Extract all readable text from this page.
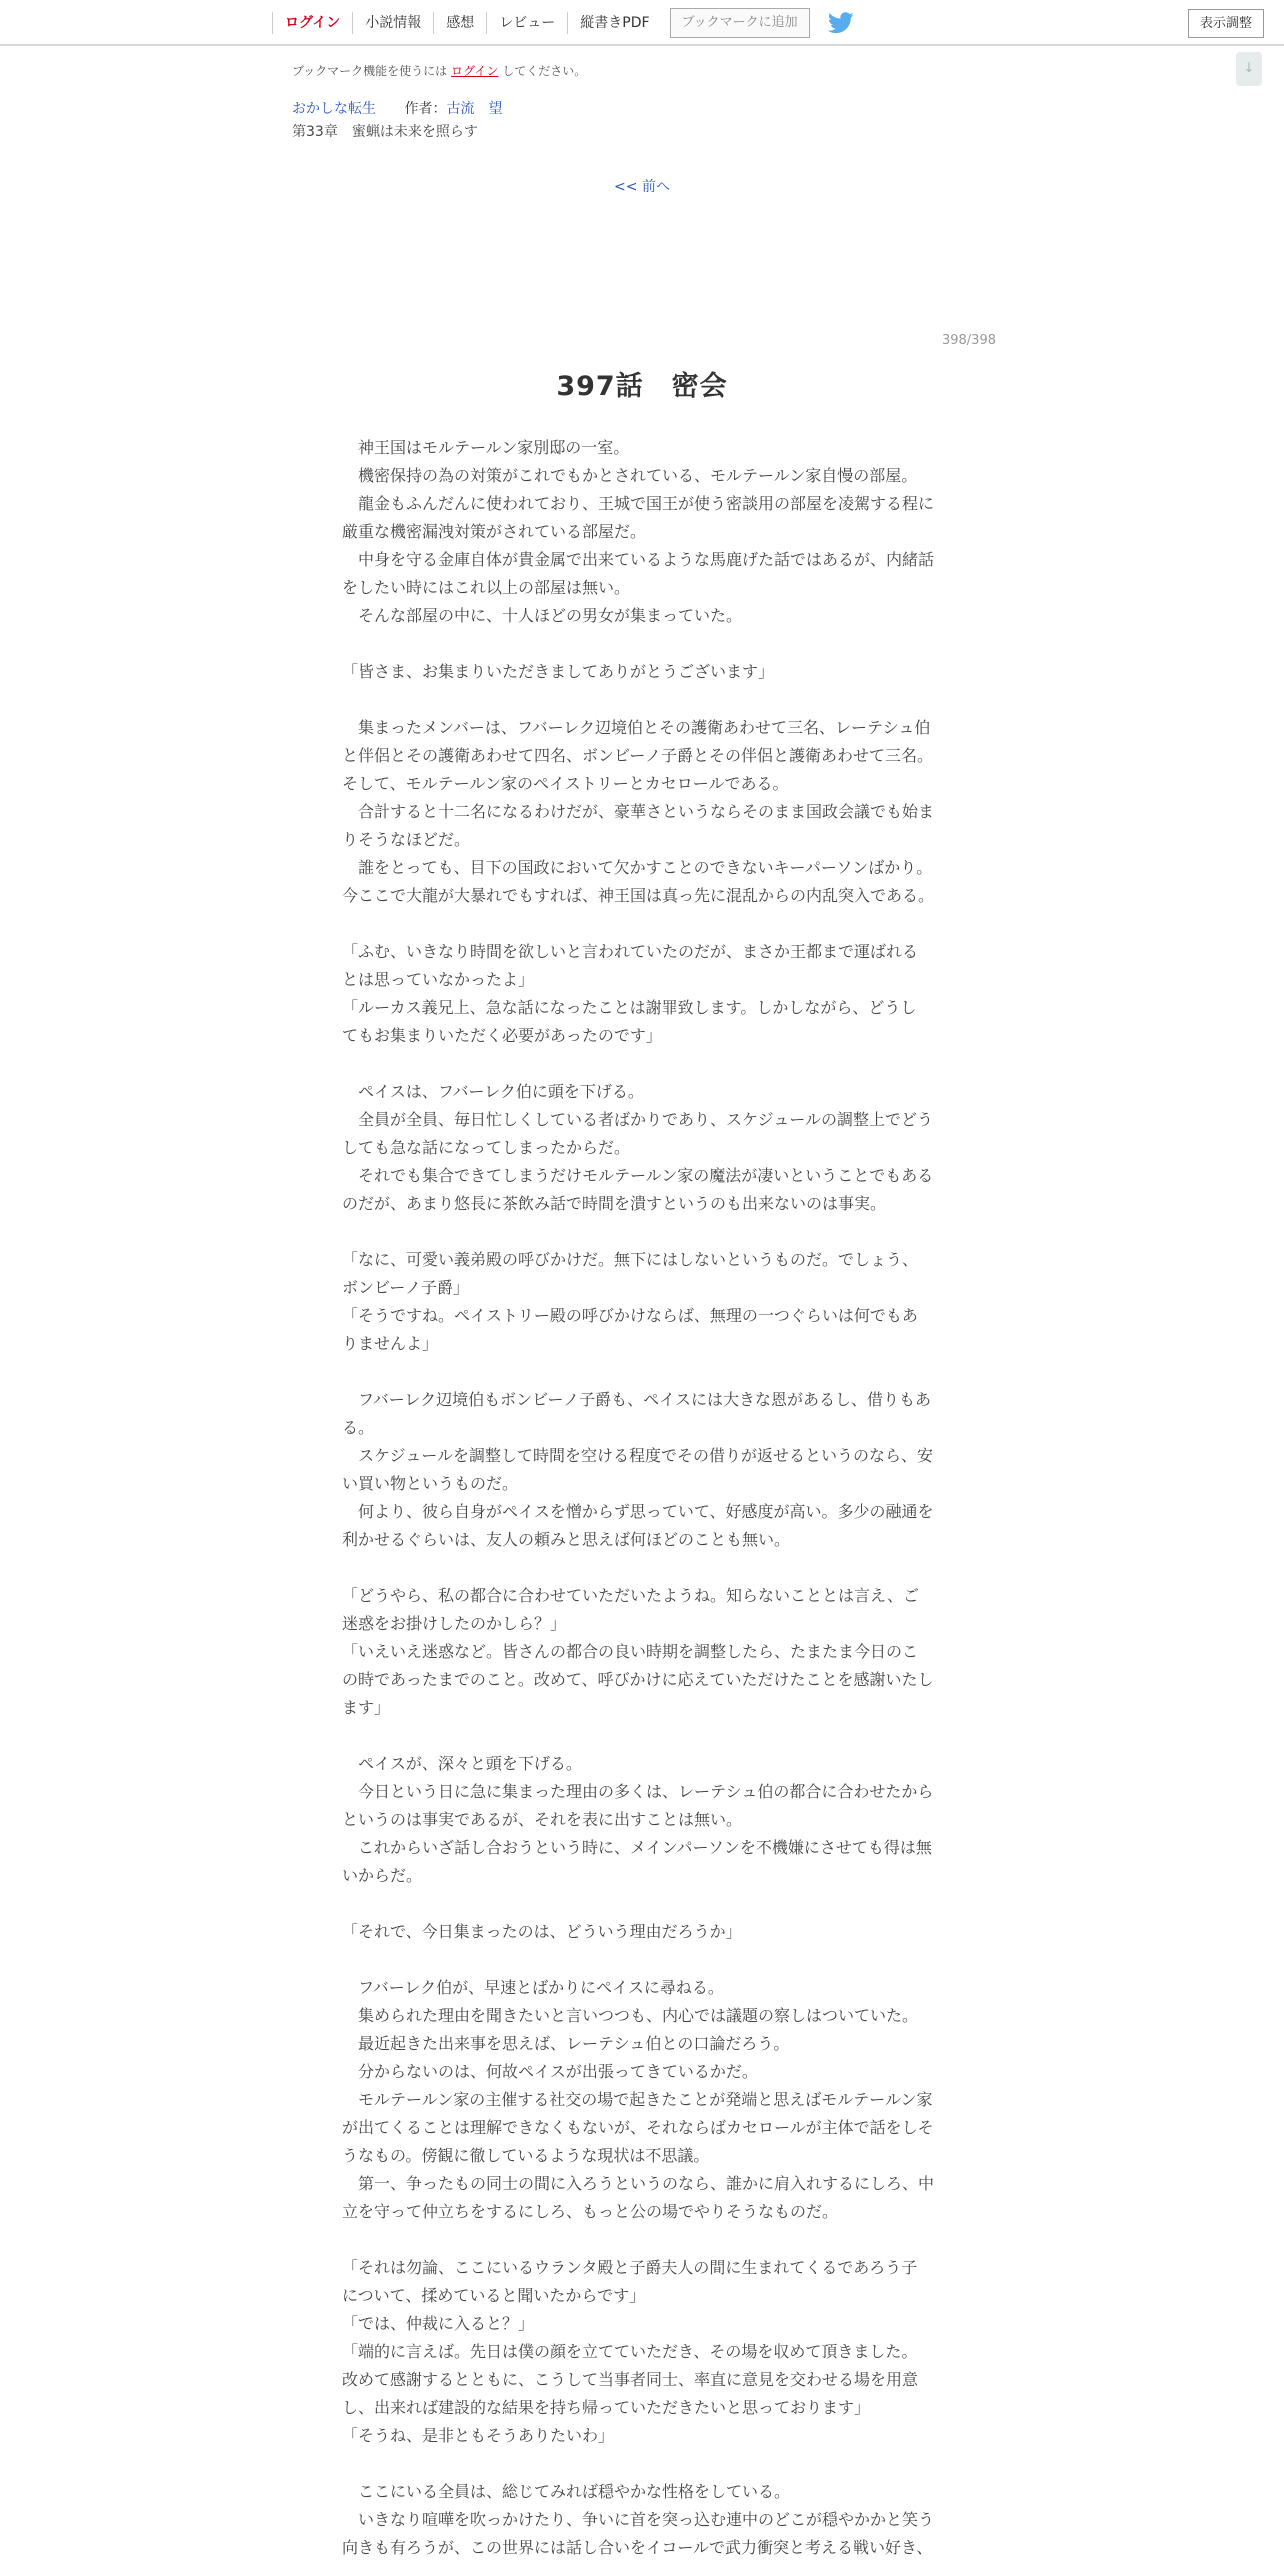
ログイン	小説情報	感想	レビュー	縦書きPDF	ブックマークに追加	表示調整
ブックマーク機能を使うには ログイン してください。	↓
おかしな転生 作者：古流　望
第33章　蜜蝋は未来を照らす
<< 前へ
398/398
397話　密会

　神王国はモルテールン家別邸の一室。

　機密保持の為の対策がこれでもかとされている、モルテールン家自慢の部屋。

　龍金もふんだんに使われており、王城で国王が使う密談用の部屋を凌駕する程に

厳重な機密漏洩対策がされている部屋だ。

　中身を守る金庫自体が貴金属で出来ているような馬鹿げた話ではあるが、内緒話

をしたい時にはこれ以上の部屋は無い。

　そんな部屋の中に、十人ほどの男女が集まっていた。

「皆さま、お集まりいただきましてありがとうございます」

　集まったメンバーは、フバーレク辺境伯とその護衛あわせて三名、レーテシュ伯

と伴侶とその護衛あわせて四名、ボンビーノ子爵とその伴侶と護衛あわせて三名。

そして、モルテールン家のペイストリーとカセロールである。

　合計すると十二名になるわけだが、豪華さというならそのまま国政会議でも始ま

りそうなほどだ。

　誰をとっても、目下の国政において欠かすことのできないキーパーソンばかり。

今ここで大龍が大暴れでもすれば、神王国は真っ先に混乱からの内乱突入である。

「ふむ、いきなり時間を欲しいと言われていたのだが、まさか王都まで運ばれる

とは思っていなかったよ」

「ルーカス義兄上、急な話になったことは謝罪致します。しかしながら、どうし

てもお集まりいただく必要があったのです」

　ペイスは、フバーレク伯に頭を下げる。

　全員が全員、毎日忙しくしている者ばかりであり、スケジュールの調整上でどう

しても急な話になってしまったからだ。

　それでも集合できてしまうだけモルテールン家の魔法が凄いということでもある

のだが、あまり悠長に茶飲み話で時間を潰すというのも出来ないのは事実。

「なに、可愛い義弟殿の呼びかけだ。無下にはしないというものだ。でしょう、

ボンビーノ子爵」

「そうですね。ペイストリー殿の呼びかけならば、無理の一つぐらいは何でもあ

りませんよ」

　フバーレク辺境伯もボンビーノ子爵も、ペイスには大きな恩があるし、借りもあ

る。

　スケジュールを調整して時間を空ける程度でその借りが返せるというのなら、安

い買い物というものだ。

　何より、彼ら自身がペイスを憎からず思っていて、好感度が高い。多少の融通を

利かせるぐらいは、友人の頼みと思えば何ほどのことも無い。

「どうやら、私の都合に合わせていただいたようね。知らないこととは言え、ご

迷惑をお掛けしたのかしら？」

「いえいえ迷惑など。皆さんの都合の良い時期を調整したら、たまたま今日のこ

の時であったまでのこと。改めて、呼びかけに応えていただけたことを感謝いたし

ます」

　ペイスが、深々と頭を下げる。

　今日という日に急に集まった理由の多くは、レーテシュ伯の都合に合わせたから

というのは事実であるが、それを表に出すことは無い。

　これからいざ話し合おうという時に、メインパーソンを不機嫌にさせても得は無

いからだ。

「それで、今日集まったのは、どういう理由だろうか」

　フバーレク伯が、早速とばかりにペイスに尋ねる。

　集められた理由を聞きたいと言いつつも、内心では議題の察しはついていた。

　最近起きた出来事を思えば、レーテシュ伯との口論だろう。

　分からないのは、何故ペイスが出張ってきているかだ。

　モルテールン家の主催する社交の場で起きたことが発端と思えばモルテールン家

が出てくることは理解できなくもないが、それならばカセロールが主体で話をしそ

うなもの。傍観に徹しているような現状は不思議。

　第一、争ったもの同士の間に入ろうというのなら、誰かに肩入れするにしろ、中

立を守って仲立ちをするにしろ、もっと公の場でやりそうなものだ。

「それは勿論、ここにいるウランタ殿と子爵夫人の間に生まれてくるであろう子

について、揉めていると聞いたからです」

「では、仲裁に入ると？」

「端的に言えば。先日は僕の顔を立てていただき、その場を収めて頂きました。

改めて感謝するとともに、こうして当事者同士、率直に意見を交わせる場を用意

し、出来れば建設的な結果を持ち帰っていただきたいと思っております」

「そうね、是非ともそうありたいわ」

　ここにいる全員は、総じてみれば穏やかな性格をしている。

　いきなり喧嘩を吹っかけたり、争いに首を突っ込む連中のどこが穏やかかと笑う

向きも有ろうが、この世界には話し合いをイコールで武力衝突と考える戦い好き、
